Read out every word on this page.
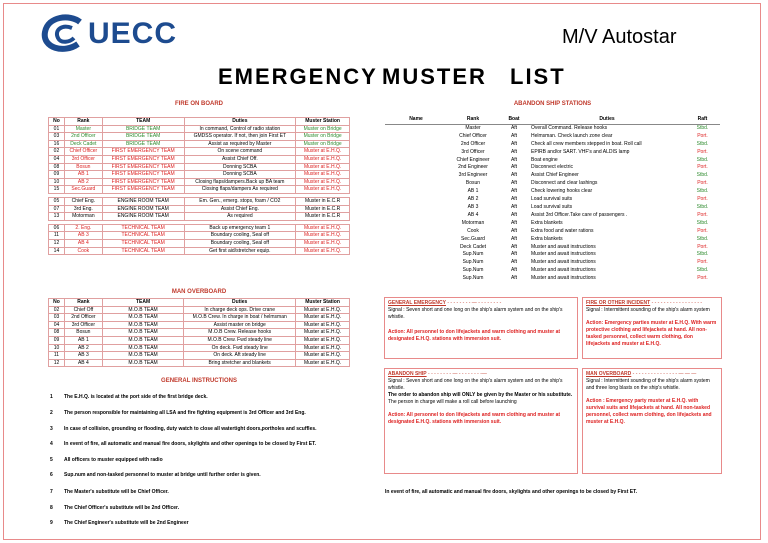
UECC	M/V Autostar
EMERGENCY MUSTER LIST
FIRE ON BOARD
No	Rank	TEAM	Duties	Muster Station
01	Master	BRIDGE TEAM	In command, Control of radio station	Muster on Bridge
03	2nd Officer	BRIDGE TEAM	GMDSS operator. If not, then join First ET	Muster on Bridge
16	Deck Cadet	BRIDGE TEAM	Assist as required by Master	Muster on Bridge
02	Chief Officer	FIRST EMERGENCY TEAM	On scene command	Muster at E.H.Q.
04	3rd Officer	FIRST EMERGENCY TEAM	Assist Chief Off.	Muster at E.H.Q.
08	Bosun	FIRST EMERGENCY TEAM	Donning SCBA	Muster at E.H.Q.
09	AB 1	FIRST EMERGENCY TEAM	Donning SCBA	Muster at E.H.Q.
10	AB 2	FIRST EMERGENCY TEAM	Closing flaps/dampers.Back up BA team	Muster at E.H.Q.
15	Sec.Guard	FIRST EMERGENCY TEAM	Closing flaps/dampers As required	Muster at E.H.Q.

05	Chief Eng.	ENGINE ROOM TEAM	Em. Gen., emerg. stops, foam / CO2	Muster in E.C.R
07	3rd Eng.	ENGINE ROOM TEAM	Assist Chief Eng.	Muster in E.C.R
13	Motorman	ENGINE ROOM TEAM	As required	Muster in E.C.R

06	2. Eng.	TECHNICAL TEAM	Back up emergency team 1	Muster at E.H.Q.
11	AB 3	TECHNICAL TEAM	Boundary cooling, Seal off	Muster at E.H.Q.
12	AB 4	TECHNICAL TEAM	Boundary cooling, Seal off	Muster at E.H.Q.
14	Cook	TECHNICAL TEAM	Get first aid/stretcher equip.	Muster at E.H.Q.
MAN OVERBOARD
No	Rank	TEAM	Duties	Muster Station
02	Chief Off	M.O.B TEAM	In charge deck ops. Drive crane	Muster at E.H.Q.
03	2nd Officer	M.O.B TEAM	M.O.B Crew. In charge in boat / helmsman	Muster at E.H.Q.
04	3rd Officer	M.O.B TEAM	Assist master on bridge	Muster at E.H.Q.
08	Bosun	M.O.B TEAM	M.O.B Crew. Release hooks	Muster at E.H.Q.
09	AB 1	M.O.B TEAM	M.O.B Crew. Fwd steady line	Muster at E.H.Q.
10	AB 2	M.O.B TEAM	On deck. Fwd steady line	Muster at E.H.Q.
11	AB 3	M.O.B TEAM	On deck. Aft steady line	Muster at E.H.Q.
12	AB 4	M.O.B TEAM	Bring stretcher and blankets	Muster at E.H.Q.
GENERAL INSTRUCTIONS
1 The E.H.Q. is located at the port side of the first bridge deck.
2 The person responsible for maintaining all LSA and fire fighting equipment is 3rd Officer and 3rd Eng.
3 In case of collision, grounding or flooding, duty watch to close all watertight doors,portholes and scuffles.
4 In event of fire, all automatic and manual fire doors, skylights and other openings to be closed by First ET.
5 All officers to muster equipped with radio
6 Sup.num and non-tasked personnel to muster at bridge until further order is given.
7 The Master's substitute will be Chief Officer.
8 The Chief Officer's substitute will be 2nd Officer.
9 The Chief Engineer's substitute will be 2nd Engineer
ABANDON SHIP STATIONS
Name	Rank	Boat	Duties	Raft
	Master	Aft	Overall Command. Release hooks	Stbd.
	Chief Officer	Aft	Helmsman. Check launch zone clear	Port.
	2nd Officer	Aft	Check all crew members stepped in boat. Roll call	Stbd.
	3rd Officer	Aft	EPIRB and/or SART. VHF's and ALDIS lamp	Port.
	Chief Engineer	Aft	Boat engine	Stbd.
	2nd Engineer	Aft	Disconnect electric	Port.
	3rd Engineer	Aft	Assist Chief Engineer	Stbd.
	Bosun	Aft	Disconnect and clear lashings	Port.
	AB 1	Aft	Check lowering hooks clear	Stbd.
	AB 2	Aft	Load survival suits	Port.
	AB 3	Aft	Load survival suits	Stbd.
	AB 4	Aft	Assist 3rd Officer.Take care of passengers .	Port.
	Motorman	Aft	Extra blankets	Stbd.
	Cook	Aft	Extra food and water rations	Port.
	Sec.Guard	Aft	Extra blankets	Stbd.
	Deck Cadet	Aft	Muster and await instructions	Port.
	Sup.Num	Aft	Muster and await instructions	Stbd.
	Sup.Num	Aft	Muster and await instructions	Port.
	Sup.Num	Aft	Muster and await instructions	Stbd.
	Sup.Num	Aft	Muster and await instructions	Port.
GENERAL EMERGENCY - - - - - - - - — - - - - - - - -
Signal : Seven short and one long on the ship's alarm system and on the ship's whistle.
Action: All personnel to don lifejackets and warm clothing and muster at designated E.H.Q. stations with immersion suit.
FIRE OR OTHER INCIDENT - - - - - - - - - - - - - - - - -
Signal : Intermittent sounding of the ship's alarm system
Action: Emergency parties muster at E.H.Q. With warm protective clothing and lifejackets at hand. All non-tasked personnel, collect warm clothing, don lifejackets and muster at E.H.Q.
ABANDON SHIP - - - - - - - - — - - - - - - - -—
Signal : Seven short and one long on the ship's alarm system and on the ship's whistle.
The order to abandon ship will ONLY be given by the Master or his substitute.
The person in charge will make a roll call before launching
Action: All personnel to don lifejackets and warm clothing and muster at designated E.H.Q. stations with immersion suit.
MAN OVERBOARD - - - - - - - - - - - - - - - — — —
Signal : Intermittent sounding of the ship's alarm system and three long blasts on the ship's whistle.
Action : Emergency party muster at E.H.Q. with survival suits and lifejackets at hand. All non-tasked personnel, collect warm clothing, don lifejackets and muster at E.H.Q.
In event of fire, all automatic and manual fire doors, skylights and other openings to be closed by First ET.
